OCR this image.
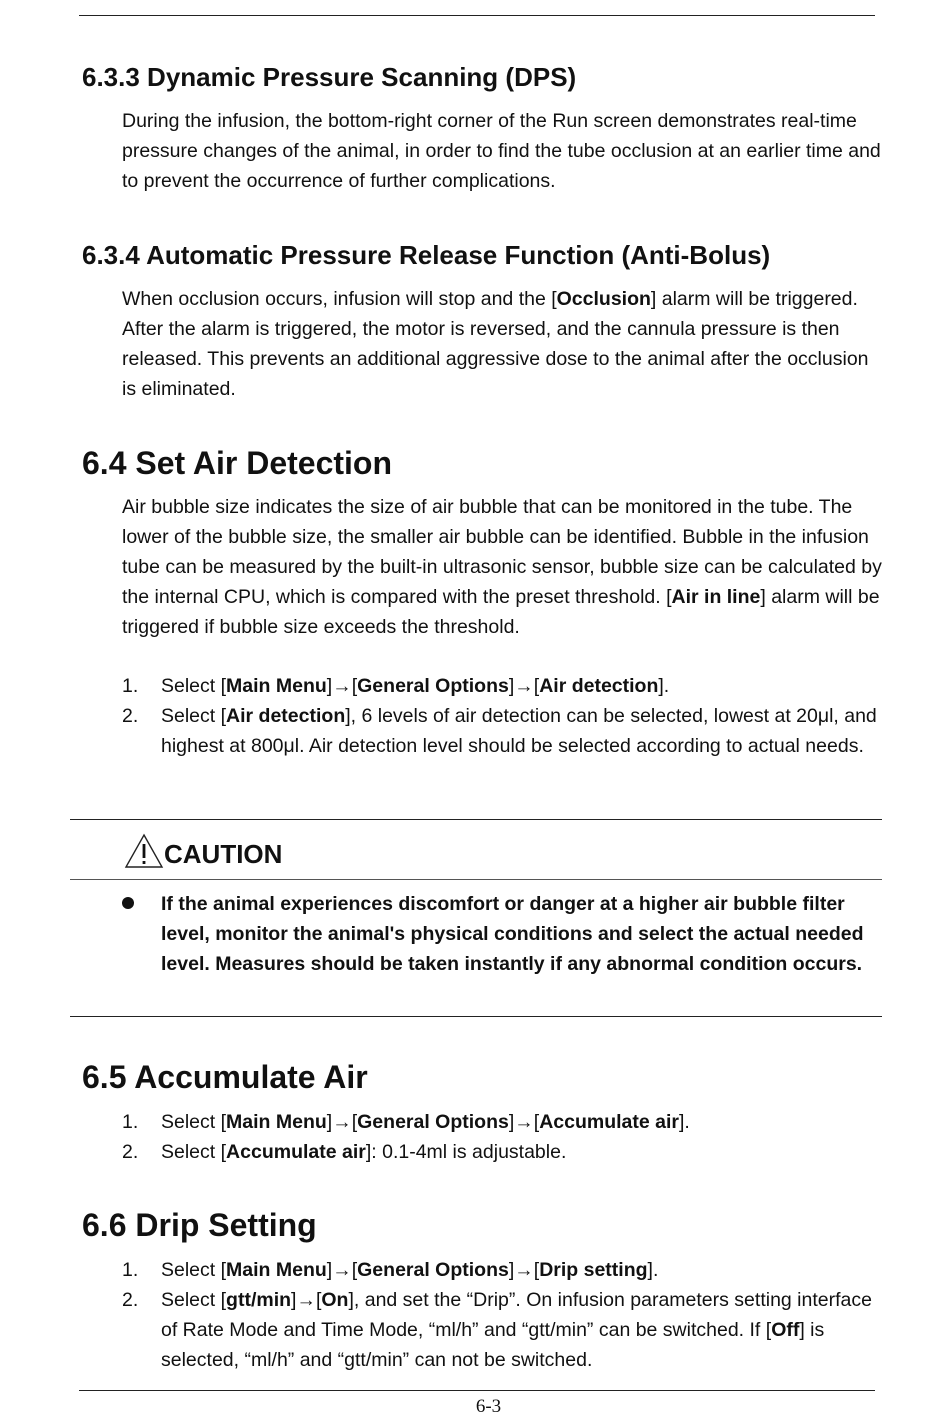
6.3.3 Dynamic Pressure Scanning (DPS)

During the infusion, the bottom-right corner of the Run screen demonstrates real-time pressure changes of the animal, in order to find the tube occlusion at an earlier time and to prevent the occurrence of further complications.

6.3.4 Automatic Pressure Release Function (Anti-Bolus)

When occlusion occurs, infusion will stop and the [Occlusion] alarm will be triggered. After the alarm is triggered, the motor is reversed, and the cannula pressure is then released. This prevents an additional aggressive dose to the animal after the occlusion is eliminated.

6.4 Set Air Detection

Air bubble size indicates the size of air bubble that can be monitored in the tube. The lower of the bubble size, the smaller air bubble can be identified. Bubble in the infusion tube can be measured by the built-in ultrasonic sensor, bubble size can be calculated by the internal CPU, which is compared with the preset threshold. [Air in line] alarm will be triggered if bubble size exceeds the threshold.

1. Select [Main Menu]→[General Options]→[Air detection].
2. Select [Air detection], 6 levels of air detection can be selected, lowest at 20μl, and highest at 800μl. Air detection level should be selected according to actual needs.
CAUTION

If the animal experiences discomfort or danger at a higher air bubble filter level, monitor the animal's physical conditions and select the actual needed level. Measures should be taken instantly if any abnormal condition occurs.

6.5 Accumulate Air
1. Select [Main Menu]→[General Options]→[Accumulate air].
2. Select [Accumulate air]: 0.1-4ml is adjustable.
6.6 Drip Setting
1. Select [Main Menu]→[General Options]→[Drip setting].
2. Select [gtt/min]→[On], and set the “Drip”. On infusion parameters setting interface of Rate Mode and Time Mode, “ml/h” and “gtt/min” can be switched. If [Off] is selected, “ml/h” and “gtt/min” can not be switched.
6-3
